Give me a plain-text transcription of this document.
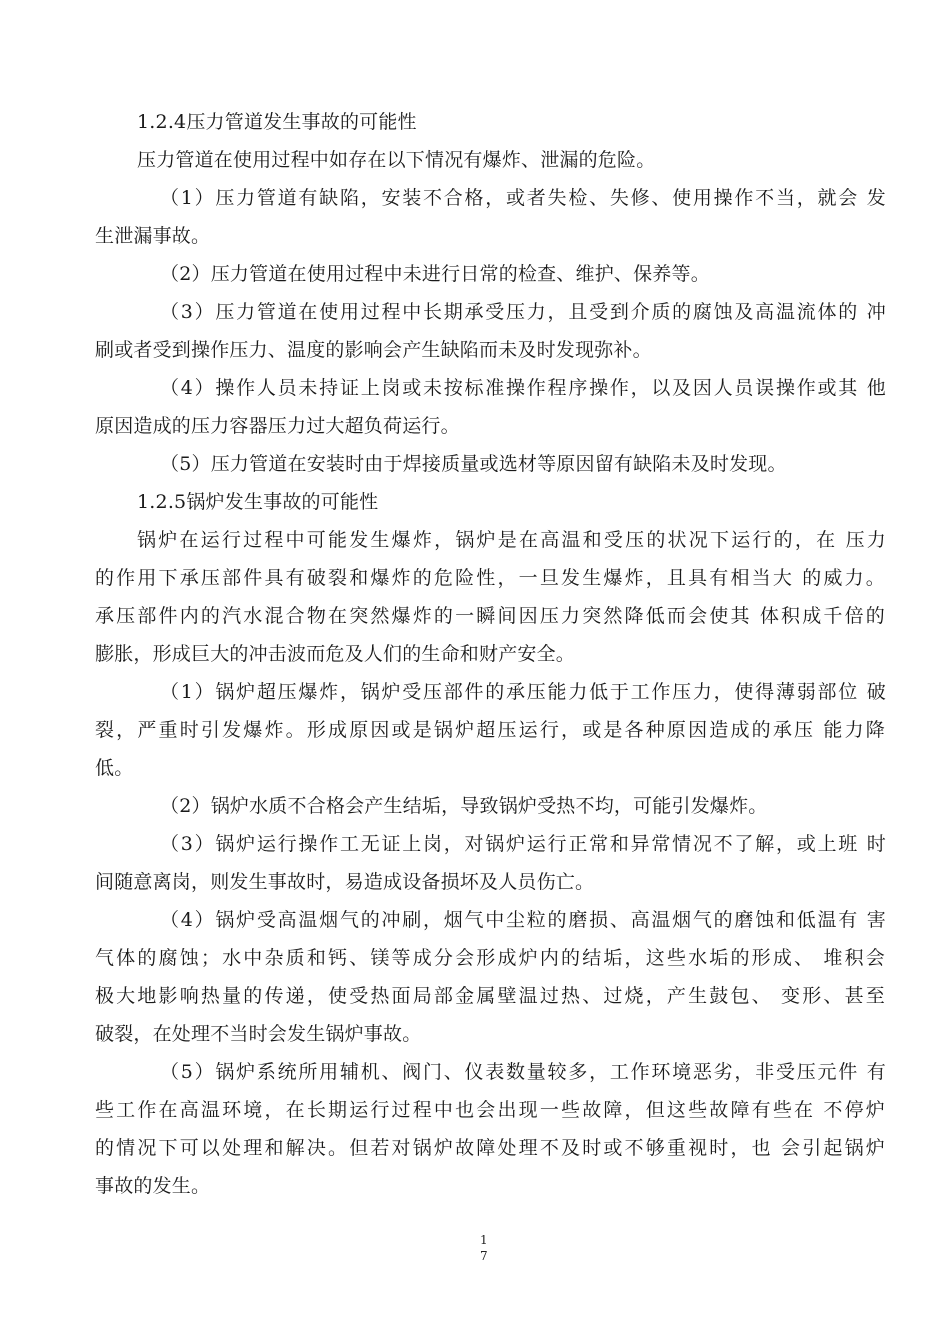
1.2.4压力管道发生事故的可能性
压力管道在使用过程中如存在以下情况有爆炸、泄漏的危险。
（1）压力管道有缺陷，安装不合格，或者失检、失修、使用操作不当，就会 发
生泄漏事故。
（2）压力管道在使用过程中未进行日常的检查、维护、保养等。
（3）压力管道在使用过程中长期承受压力，且受到介质的腐蚀及高温流体的 冲
刷或者受到操作压力、温度的影响会产生缺陷而未及时发现弥补。
（4）操作人员未持证上岗或未按标准操作程序操作，以及因人员误操作或其 他
原因造成的压力容器压力过大超负荷运行。
（5）压力管道在安装时由于焊接质量或选材等原因留有缺陷未及时发现。
1.2.5锅炉发生事故的可能性
锅炉在运行过程中可能发生爆炸，锅炉是在高温和受压的状况下运行的，在 压力
的作用下承压部件具有破裂和爆炸的危险性，一旦发生爆炸，且具有相当大 的威力。
承压部件内的汽水混合物在突然爆炸的一瞬间因压力突然降低而会使其 体积成千倍的
膨胀，形成巨大的冲击波而危及人们的生命和财产安全。
（1）锅炉超压爆炸，锅炉受压部件的承压能力低于工作压力，使得薄弱部位 破
裂，严重时引发爆炸。形成原因或是锅炉超压运行，或是各种原因造成的承压 能力降
低。
（2）锅炉水质不合格会产生结垢，导致锅炉受热不均，可能引发爆炸。
（3）锅炉运行操作工无证上岗，对锅炉运行正常和异常情况不了解，或上班 时
间随意离岗，则发生事故时，易造成设备损坏及人员伤亡。
（4）锅炉受高温烟气的冲刷，烟气中尘粒的磨损、高温烟气的磨蚀和低温有 害
气体的腐蚀；水中杂质和钙、镁等成分会形成炉内的结垢，这些水垢的形成、 堆积会
极大地影响热量的传递，使受热面局部金属壁温过热、过烧，产生鼓包、 变形、甚至
破裂，在处理不当时会发生锅炉事故。
（5）锅炉系统所用辅机、阀门、仪表数量较多，工作环境恶劣，非受压元件 有
些工作在高温环境，在长期运行过程中也会出现一些故障，但这些故障有些在 不停炉
的情况下可以处理和解决。但若对锅炉故障处理不及时或不够重视时，也 会引起锅炉
事故的发生。
1
7
